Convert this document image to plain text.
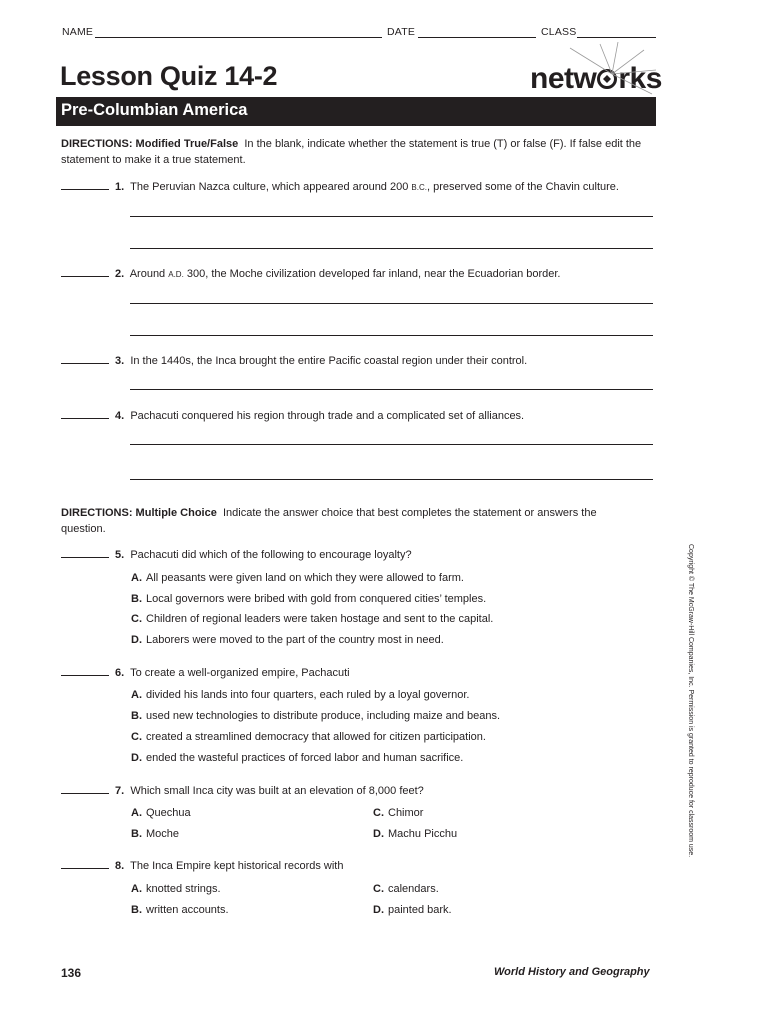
NAME	DATE	CLASS
Lesson Quiz 14-2	netw rks
Pre-Columbian America
DIRECTIONS: Modified True/False In the blank, indicate whether the statement is true (T) or false (F). If false edit the statement to make it a true statement.
1. The Peruvian Nazca culture, which appeared around 200 B.C., preserved some of the Chavin culture.
2. Around A.D. 300, the Moche civilization developed far inland, near the Ecuadorian border.
3. In the 1440s, the Inca brought the entire Pacific coastal region under their control.
4. Pachacuti conquered his region through trade and a complicated set of alliances.
DIRECTIONS: Multiple Choice Indicate the answer choice that best completes the statement or answers the question.
5. Pachacuti did which of the following to encourage loyalty?
A. All peasants were given land on which they were allowed to farm.
B. Local governors were bribed with gold from conquered cities’ temples.
C. Children of regional leaders were taken hostage and sent to the capital.
D. Laborers were moved to the part of the country most in need.
6. To create a well-organized empire, Pachacuti
A. divided his lands into four quarters, each ruled by a loyal governor.
B. used new technologies to distribute produce, including maize and beans.
C. created a streamlined democracy that allowed for citizen participation.
D. ended the wasteful practices of forced labor and human sacrifice.
7. Which small Inca city was built at an elevation of 8,000 feet?
A. Quechua	C. Chimor
B. Moche	D. Machu Picchu
8. The Inca Empire kept historical records with
A. knotted strings.	C. calendars.
B. written accounts.	D. painted bark.
Copyright © The McGraw-Hill Companies, Inc. Permission is granted to reproduce for classroom use.
136	World History and Geography
